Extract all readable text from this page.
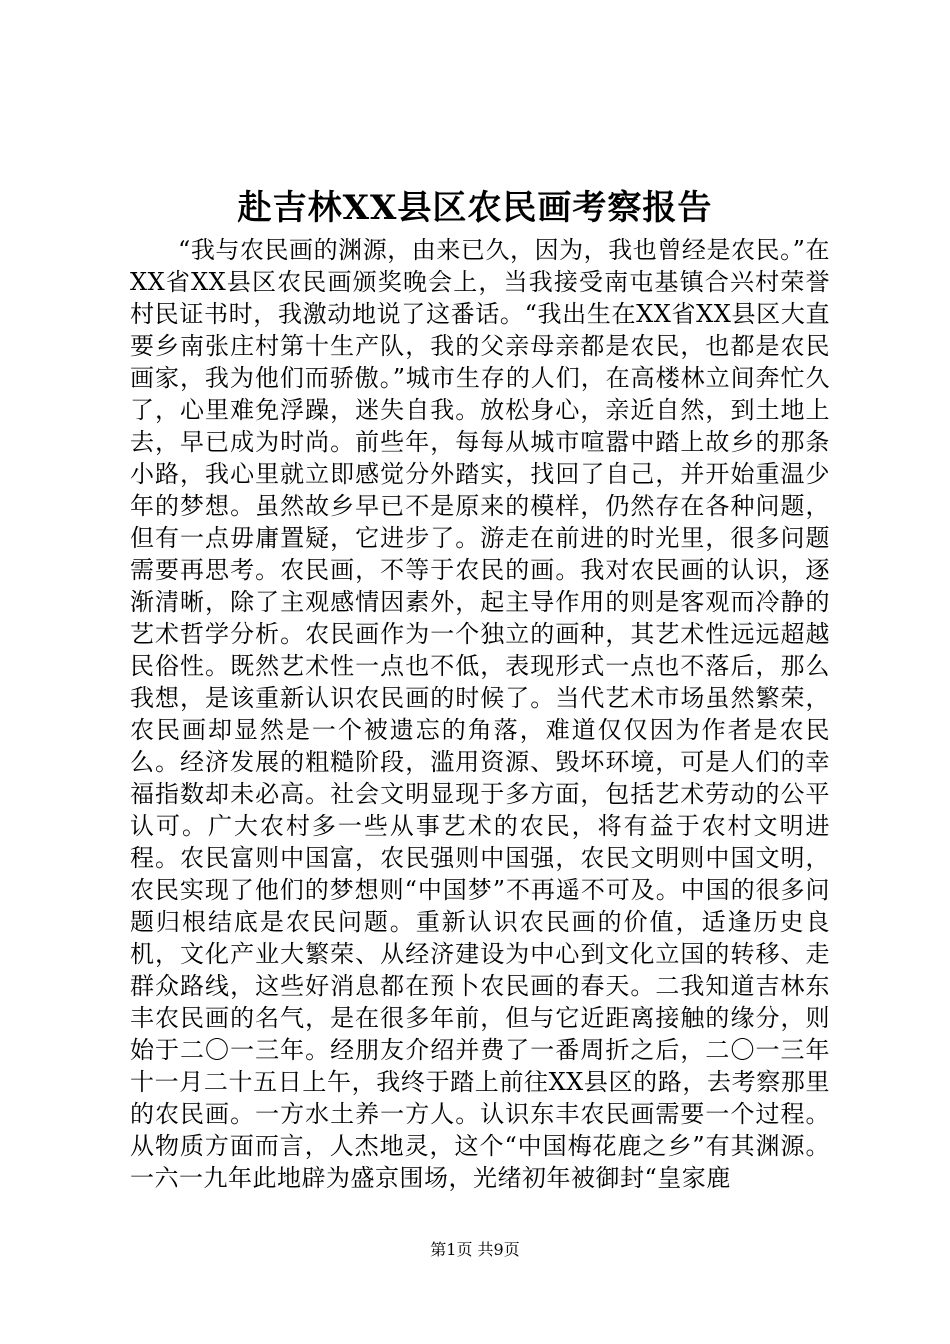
赴吉林XX县区农民画考察报告

“我与农民画的渊源，由来已久，因为，我也曾经是农民。”在XX省XX县区农民画颁奖晚会上，当我接受南屯基镇合兴村荣誉村民证书时，我激动地说了这番话。“我出生在XX省XX县区大直要乡南张庄村第十生产队，我的父亲母亲都是农民，也都是农民画家，我为他们而骄傲。”城市生存的人们，在高楼林立间奔忙久了，心里难免浮躁，迷失自我。放松身心，亲近自然，到土地上去，早已成为时尚。前些年，每每从城市喧嚣中踏上故乡的那条小路，我心里就立即感觉分外踏实，找回了自己，并开始重温少年的梦想。虽然故乡早已不是原来的模样，仍然存在各种问题，但有一点毋庸置疑，它进步了。游走在前进的时光里，很多问题需要再思考。农民画，不等于农民的画。我对农民画的认识，逐渐清晰，除了主观感情因素外，起主导作用的则是客观而冷静的艺术哲学分析。农民画作为一个独立的画种，其艺术性远远超越民俗性。既然艺术性一点也不低，表现形式一点也不落后，那么我想，是该重新认识农民画的时候了。当代艺术市场虽然繁荣，农民画却显然是一个被遗忘的角落，难道仅仅因为作者是农民么。经济发展的粗糙阶段，滥用资源、毁坏环境，可是人们的幸福指数却未必高。社会文明显现于多方面，包括艺术劳动的公平认可。广大农村多一些从事艺术的农民，将有益于农村文明进程。农民富则中国富，农民强则中国强，农民文明则中国文明，农民实现了他们的梦想则“中国梦”不再遥不可及。中国的很多问题归根结底是农民问题。重新认识农民画的价值，适逢历史良机，文化产业大繁荣、从经济建设为中心到文化立国的转移、走群众路线，这些好消息都在预卜农民画的春天。二我知道吉林东丰农民画的名气，是在很多年前，但与它近距离接触的缘分，则始于二〇一三年。经朋友介绍并费了一番周折之后，二〇一三年十一月二十五日上午，我终于踏上前往XX县区的路，去考察那里的农民画。一方水土养一方人。认识东丰农民画需要一个过程。从物质方面而言，人杰地灵，这个“中国梅花鹿之乡”有其渊源。一六一九年此地辟为盛京围场，光绪初年被御封“皇家鹿

第1页 共9页
